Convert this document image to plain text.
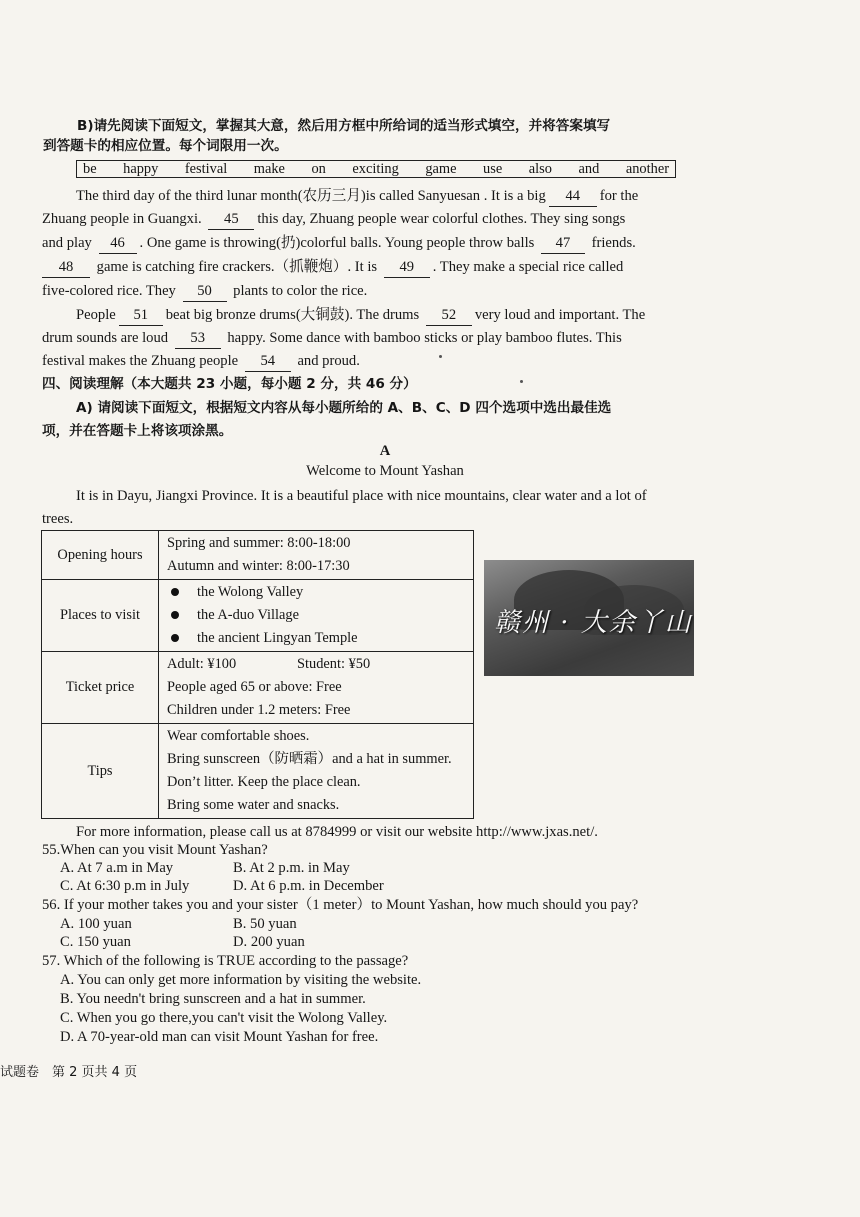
B)请先阅读下面短文，掌握其大意，然后用方框中所给词的适当形式填空，并将答案填写
到答题卡的相应位置。每个词限用一次。
be happy festival make on exciting game use also and another
The third day of the third lunar month(农历三月)is called Sanyuesan . It is a big 44 for the
Zhuang people in Guangxi. 45 this day, Zhuang people wear colorful clothes. They sing songs
and play 46 . One game is throwing(扔)colorful balls. Young people throw balls 47 friends.
48 game is catching fire crackers.（抓鞭炮）. It is 49 . They make a special rice called
five-colored rice. They 50 plants to color the rice.
People 51 beat big bronze drums(大铜鼓). The drums 52 very loud and important. The
drum sounds are loud 53 happy. Some dance with bamboo sticks or play bamboo flutes. This
festival makes the Zhuang people 54 and proud.
四、阅读理解（本大题共 23 小题，每小题 2 分，共 46 分）
A) 请阅读下面短文，根据短文内容从每小题所给的 A、B、C、D 四个选项中选出最佳选
项，并在答题卡上将该项涂黑。
A
Welcome to Mount Yashan
It is in Dayu, Jiangxi Province. It is a beautiful place with nice mountains, clear water and a lot of
trees.
Opening hours	Spring and summer: 8:00-18:00
Autumn and winter: 8:00-17:30

Places to visit	the Wolong Valley
the A-duo Village
the ancient Lingyan Temple

Ticket price	Adult: ¥100 Student: ¥50
People aged 65 or above: Free
Children under 1.2 meters: Free

Tips	Wear comfortable shoes.
Bring sunscreen（防晒霜）and a hat in summer.
Don’t litter. Keep the place clean.
Bring some water and snacks.
赣州 · 大余丫山
For more information, please call us at 8784999 or visit our website http://www.jxas.net/.
55.When can you visit Mount Yashan?
A. At 7 a.m in May	B. At 2 p.m. in May
C. At 6:30 p.m in July	D. At 6 p.m. in December
56. If your mother takes you and your sister（1 meter）to Mount Yashan, how much should you pay?
A. 100 yuan	B. 50 yuan
C. 150 yuan	D. 200 yuan
57. Which of the following is TRUE according to the passage?
A. You can only get more information by visiting the website.
B. You needn't bring sunscreen and a hat in summer.
C. When you go there,you can't visit the Wolong Valley.
D. A 70-year-old man can visit Mount Yashan for free.
试题卷　第 2 页共 4 页
